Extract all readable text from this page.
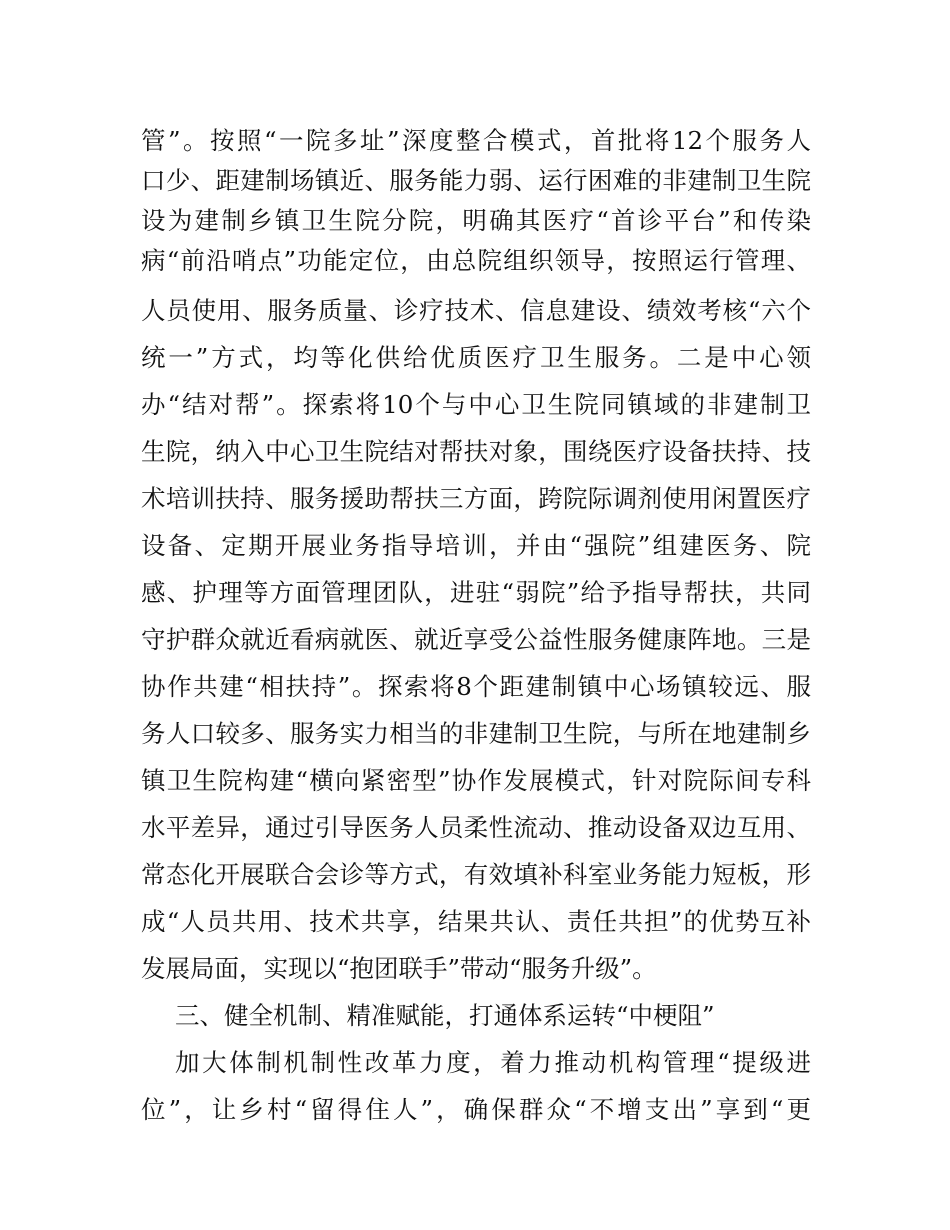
管”。按照“一院多址”深度整合模式，首批将12个服务人
口少、距建制场镇近、服务能力弱、运行困难的非建制卫生院
设为建制乡镇卫生院分院，明确其医疗“首诊平台”和传染
病“前沿哨点”功能定位，由总院组织领导，按照运行管理、
人员使用、服务质量、诊疗技术、信息建设、绩效考核“六个
统一”方式，均等化供给优质医疗卫生服务。二是中心领
办“结对帮”。探索将10个与中心卫生院同镇域的非建制卫
生院，纳入中心卫生院结对帮扶对象，围绕医疗设备扶持、技
术培训扶持、服务援助帮扶三方面，跨院际调剂使用闲置医疗
设备、定期开展业务指导培训，并由“强院”组建医务、院
感、护理等方面管理团队，进驻“弱院”给予指导帮扶，共同
守护群众就近看病就医、就近享受公益性服务健康阵地。三是
协作共建“相扶持”。探索将8个距建制镇中心场镇较远、服
务人口较多、服务实力相当的非建制卫生院，与所在地建制乡
镇卫生院构建“横向紧密型”协作发展模式，针对院际间专科
水平差异，通过引导医务人员柔性流动、推动设备双边互用、
常态化开展联合会诊等方式，有效填补科室业务能力短板，形
成“人员共用、技术共享，结果共认、责任共担”的优势互补
发展局面，实现以“抱团联手”带动“服务升级”。
三、健全机制、精准赋能，打通体系运转“中梗阻”
加大体制机制性改革力度，着力推动机构管理“提级进
位”，让乡村“留得住人”，确保群众“不增支出”享到“更
